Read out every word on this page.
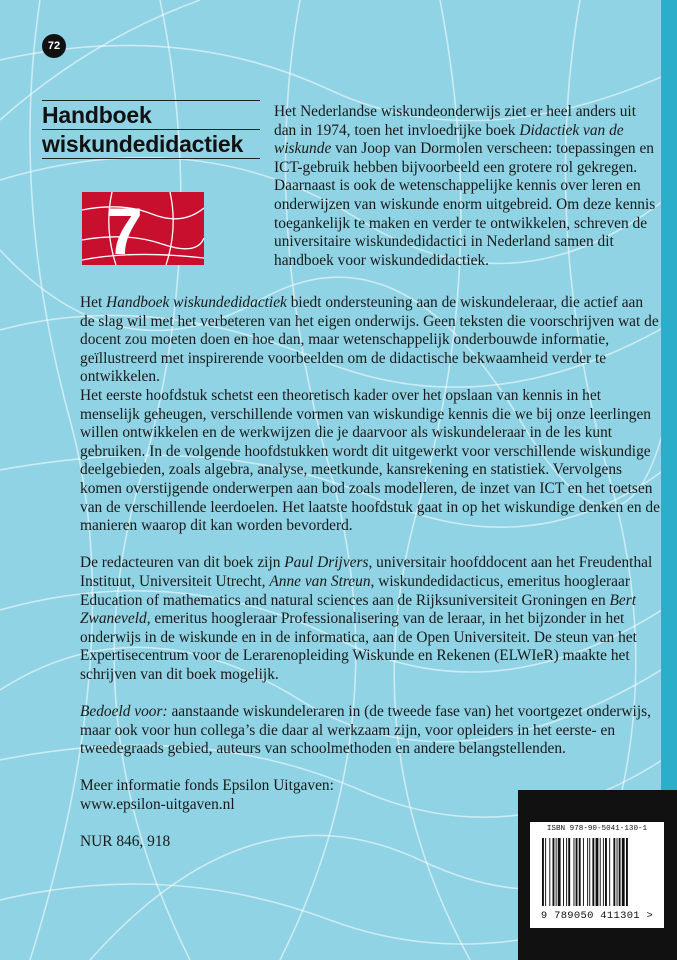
72
Handboek
wiskundedidactiek
7

Het Nederlandse wiskundeonderwijs ziet er heel anders uit dan in 1974, toen het invloedrijke boek Didactiek van de wiskunde van Joop van Dormolen verscheen: toepassingen en ICT-gebruik hebben bijvoorbeeld een grotere rol gekregen. Daarnaast is ook de wetenschappelijke kennis over leren en onderwijzen van wiskunde enorm uitgebreid. Om deze kennis toegankelijk te maken en verder te ontwikkelen, schreven de universitaire wiskundedidactici in Nederland samen dit handboek voor wiskundedidactiek.

Het Handboek wiskundedidactiek biedt ondersteuning aan de wiskundeleraar, die actief aan de slag wil met het verbeteren van het eigen onderwijs. Geen teksten die voorschrijven wat de docent zou moeten doen en hoe dan, maar wetenschappelijk onderbouwde informatie, geïllustreerd met inspirerende voorbeelden om de didactische bekwaamheid verder te ontwikkelen.

Het eerste hoofdstuk schetst een theoretisch kader over het opslaan van kennis in het menselijk geheugen, verschillende vormen van wiskundige kennis die we bij onze leerlingen willen ontwikkelen en de werkwijzen die je daarvoor als wiskundeleraar in de les kunt gebruiken. In de volgende hoofdstukken wordt dit uitgewerkt voor verschillende wiskundige deelgebieden, zoals algebra, analyse, meetkunde, kansrekening en statistiek. Vervolgens komen overstijgende onderwerpen aan bod zoals modelleren, de inzet van ICT en het toetsen van de verschillende leerdoelen. Het laatste hoofdstuk gaat in op het wiskundige denken en de manieren waarop dit kan worden bevorderd.

De redacteuren van dit boek zijn Paul Drijvers, universitair hoofddocent aan het Freudenthal Instituut, Universiteit Utrecht, Anne van Streun, wiskundedidacticus, emeritus hoogleraar Education of mathematics and natural sciences aan de Rijksuniversiteit Groningen en Bert Zwaneveld, emeritus hoogleraar Professionalisering van de leraar, in het bijzonder in het onderwijs in de wiskunde en in de informatica, aan de Open Universiteit. De steun van het Expertisecentrum voor de Lerarenopleiding Wiskunde en Rekenen (ELWIeR) maakte het schrijven van dit boek mogelijk.

Bedoeld voor: aanstaande wiskundeleraren in (de tweede fase van) het voortgezet onderwijs, maar ook voor hun collega’s die daar al werkzaam zijn, voor opleiders in het eerste- en tweedegraads gebied, auteurs van schoolmethoden en andere belangstellenden.

Meer informatie fonds Epsilon Uitgaven:

www.epsilon-uitgaven.nl

NUR 846, 918

ISBN 978-90-5041-130-1
9 789050 411301 >
